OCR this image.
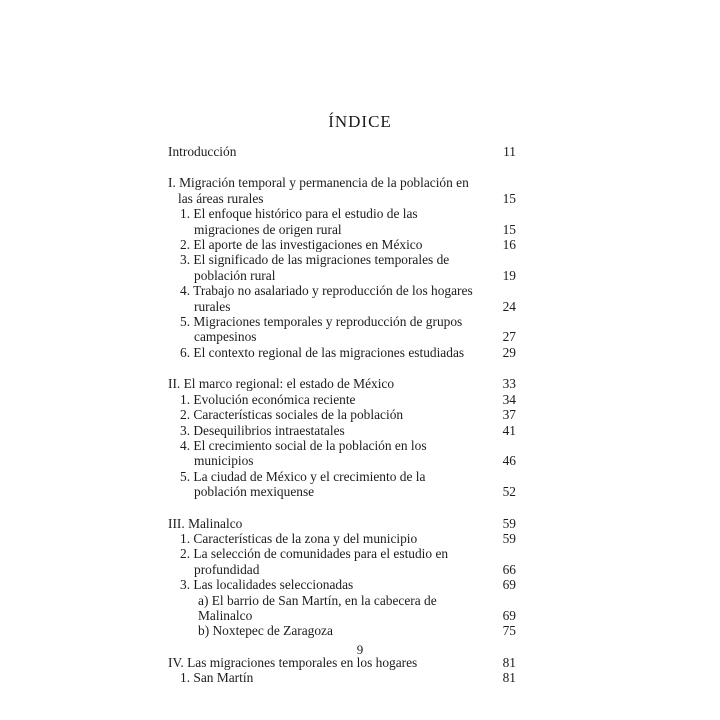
ÍNDICE
Introducción	11
I. Migración temporal y permanencia de la población en las áreas rurales	15
1. El enfoque histórico para el estudio de las migraciones de origen rural	15
2. El aporte de las investigaciones en México	16
3. El significado de las migraciones temporales de población rural	19
4. Trabajo no asalariado y reproducción de los hogares rurales	24
5. Migraciones temporales y reproducción de grupos campesinos	27
6. El contexto regional de las migraciones estudiadas	29
II. El marco regional: el estado de México	33
1. Evolución económica reciente	34
2. Características sociales de la población	37
3. Desequilibrios intraestatales	41
4. El crecimiento social de la población en los municipios	46
5. La ciudad de México y el crecimiento de la población mexiquense	52
III. Malinalco	59
1. Características de la zona y del municipio	59
2. La selección de comunidades para el estudio en profundidad	66
3. Las localidades seleccionadas	69
a) El barrio de San Martín, en la cabecera de Malinalco	69
b) Noxtepec de Zaragoza	75
IV. Las migraciones temporales en los hogares	81
1. San Martín	81
9
